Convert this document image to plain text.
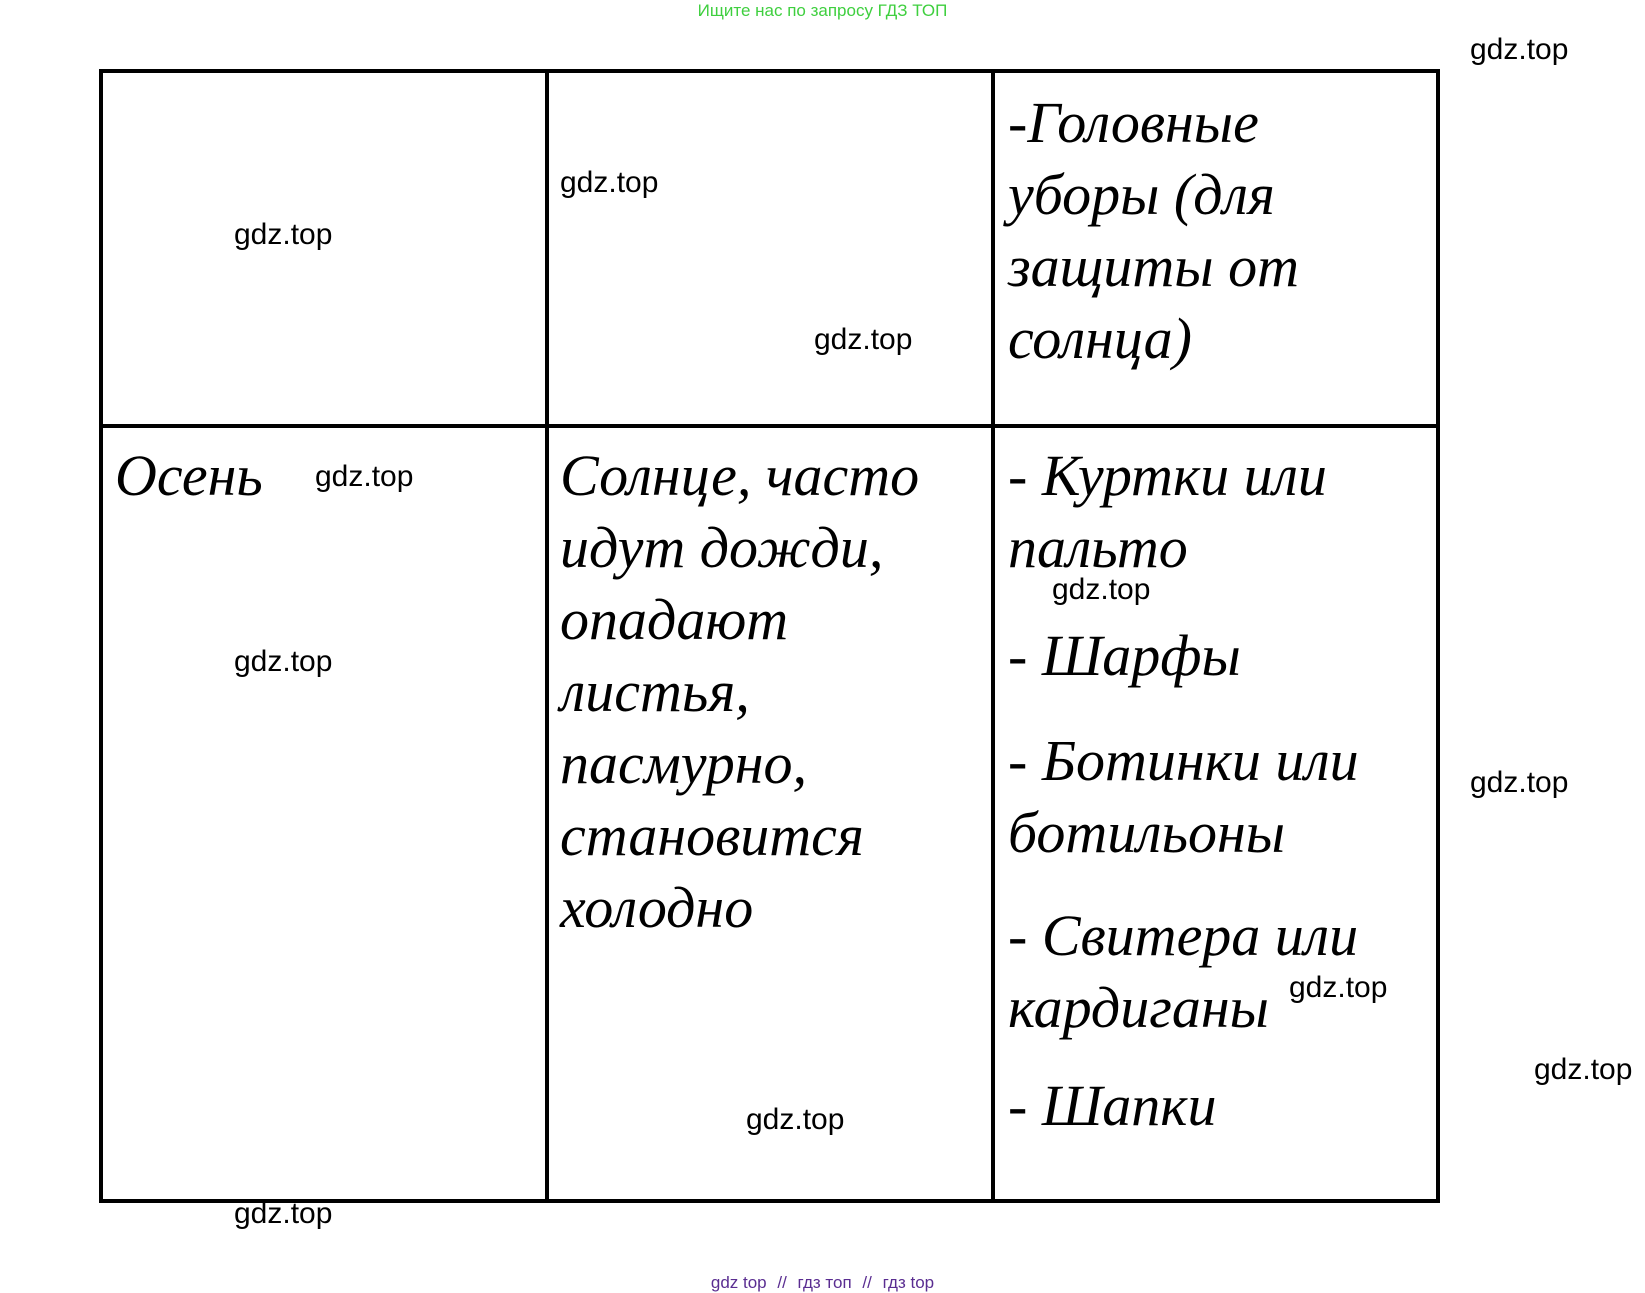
Ищите нас по запросу ГДЗ ТОП
-Головные
уборы (для
защиты от
солнца)
Осень	Солнце, часто
идут дожди,
опадают
листья,
пасмурно,
становится
холодно
- Куртки или
пальто
- Шарфы
- Ботинки или
ботильоны
- Свитера или
кардиганы
- Шапки
gdz.top
gdz.top
gdz.top
gdz.top
gdz.top
gdz.top
gdz.top
gdz.top
gdz.top
gdz.top
gdz.top
gdz.top
gdz top // гдз топ // гдз top
